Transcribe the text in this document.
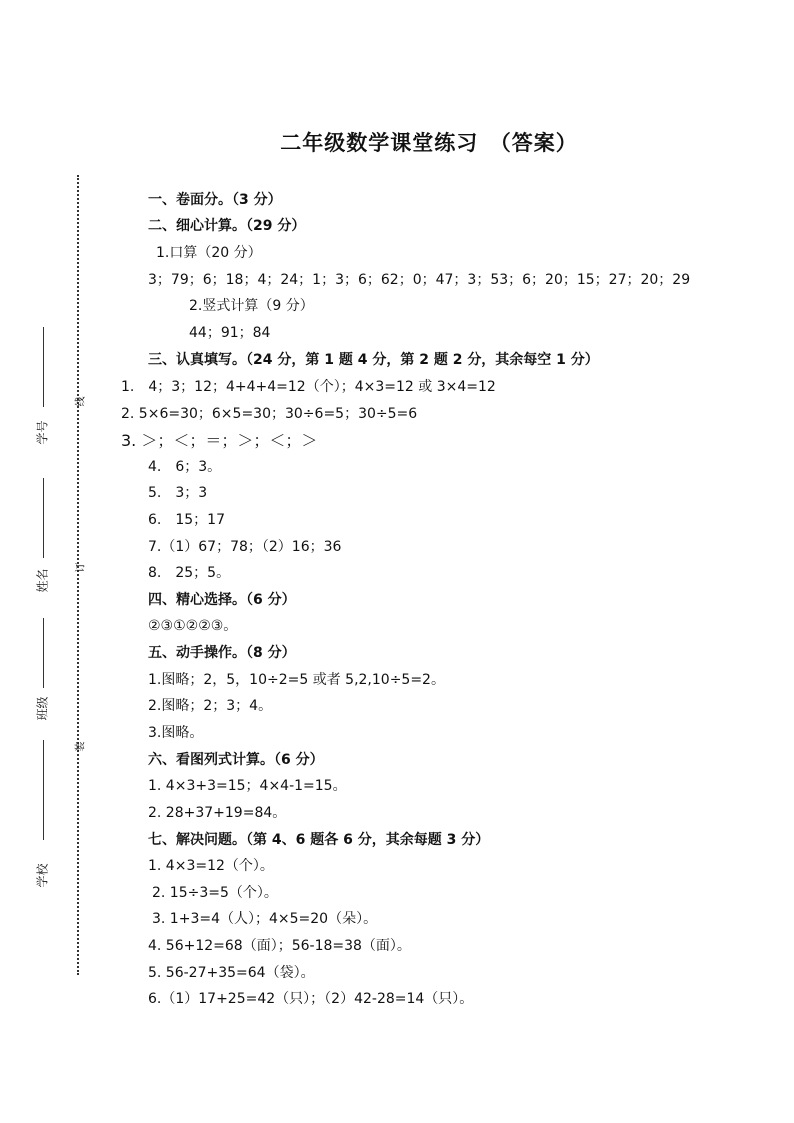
二年级数学课堂练习　（答案）
学号
姓名
班级
学校
线
订
装
一、卷面分。（3 分）
二、细心计算。（29 分）
1.口算（20 分）
3；79；6；18；4；24；1；3；6；62；0；47；3；53；6；20；15；27；20；29
2.竖式计算（9 分）
44；91；84
三、认真填写。（24 分，第 1 题 4 分，第 2 题 2 分，其余每空 1 分）
1.　4；3；12；4+4+4=12（个）；4×3=12 或 3×4=12
2. 5×6=30；6×5=30；30÷6=5；30÷5=6
3. ＞；＜；＝；＞；＜；＞
4.　6；3。
5.　3；3
6.　15；17
7.（1）67；78；（2）16；36
8.　25；5。
四、精心选择。（6 分）
②③①②②③。
五、动手操作。（8 分）
1.图略；2，5，10÷2=5 或者 5,2,10÷5=2。
2.图略；2；3；4。
3.图略。
六、看图列式计算。（6 分）
1. 4×3+3=15；4×4-1=15。
2. 28+37+19=84。
七、解决问题。（第 4、6 题各 6 分，其余每题 3 分）
1. 4×3=12（个）。
2. 15÷3=5（个）。
3. 1+3=4（人）；4×5=20（朵）。
4. 56+12=68（面）；56-18=38（面）。
5. 56-27+35=64（袋）。
6.（1）17+25=42（只）；（2）42-28=14（只）。
